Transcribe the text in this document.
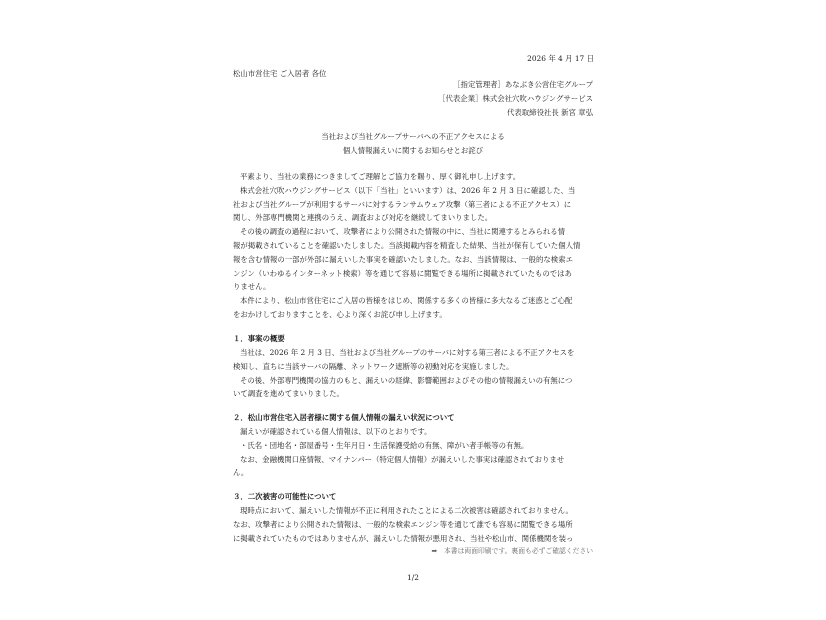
2026 年 4 月 17 日
松山市営住宅 ご入居者 各位
［指定管理者］あなぶき公営住宅グループ
［代表企業］株式会社穴吹ハウジングサービス
代表取締役社長 新宮 章弘
当社および当社グループサーバへの不正アクセスによる
個人情報漏えいに関するお知らせとお詫び
平素より、当社の業務につきましてご理解とご協力を賜り、厚く御礼申し上げます。
株式会社穴吹ハウジングサービス（以下「当社」といいます）は、2026 年 2 月 3 日に確認した、当
社および当社グループが利用するサーバに対するランサムウェア攻撃（第三者による不正アクセス）に
関し、外部専門機関と連携のうえ、調査および対応を継続してまいりました。
その後の調査の過程において、攻撃者により公開された情報の中に、当社に関連するとみられる情
報が掲載されていることを確認いたしました。当該掲載内容を精査した結果、当社が保有していた個人情
報を含む情報の一部が外部に漏えいした事実を確認いたしました。なお、当該情報は、一般的な検索エ
ンジン（いわゆるインターネット検索）等を通じて容易に閲覧できる場所に掲載されていたものではあ
りません。
本件により、松山市営住宅にご入居の皆様をはじめ、関係する多くの皆様に多大なるご迷惑とご心配
をおかけしておりますことを、心より深くお詫び申し上げます。
１．事案の概要
当社は、2026 年 2 月 3 日、当社および当社グループのサーバに対する第三者による不正アクセスを
検知し、直ちに当該サーバの隔離、ネットワーク遮断等の初動対応を実施しました。
その後、外部専門機関の協力のもと、漏えいの経緯、影響範囲およびその他の情報漏えいの有無につ
いて調査を進めてまいりました。
２．松山市営住宅入居者様に関する個人情報の漏えい状況について
漏えいが確認されている個人情報は、以下のとおりです。
・氏名・団地名・部屋番号・生年月日・生活保護受給の有無、障がい者手帳等の有無。
なお、金融機関口座情報、マイナンバー（特定個人情報）が漏えいした事実は確認されておりませ
ん。
３．二次被害の可能性について
現時点において、漏えいした情報が不正に利用されたことによる二次被害は確認されておりません。
なお、攻撃者により公開された情報は、一般的な検索エンジン等を通じて誰でも容易に閲覧できる場所
に掲載されていたものではありませんが、漏えいした情報が悪用され、当社や松山市、関係機関を装っ
➡　本書は両面印刷です。裏面も必ずご確認ください
1/2
